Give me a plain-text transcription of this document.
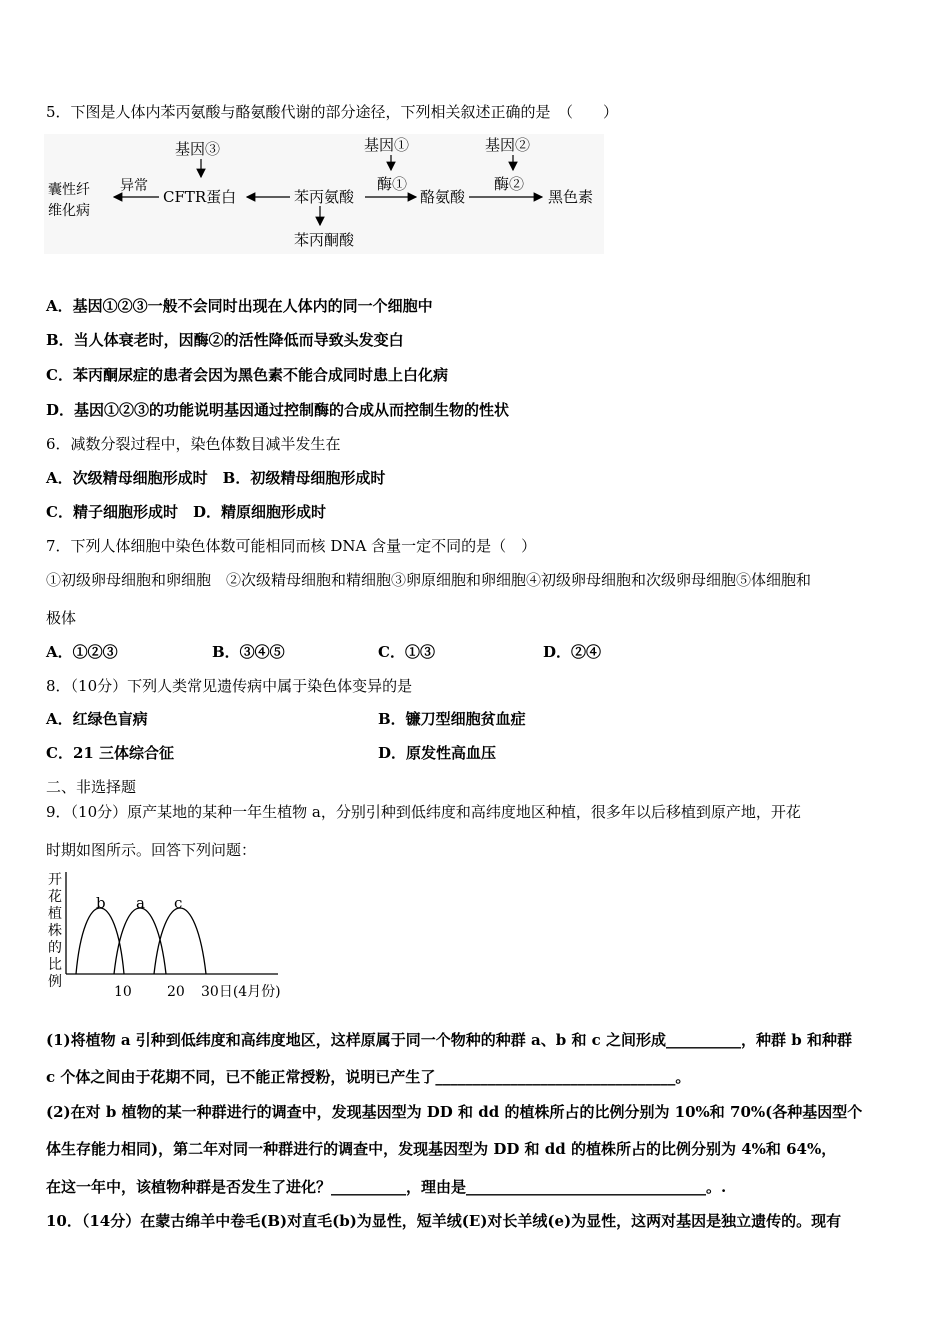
5．下图是人体内苯丙氨酸与酪氨酸代谢的部分途径，下列相关叙述正确的是　（　　）
基因③	基因①	基因②
囊性纤
维化病
异常
CFTR蛋白	苯丙氨酸
酶①
酪氨酸
酶②
黑色素
苯丙酮酸
A．基因①②③一般不会同时出现在人体内的同一个细胞中
B．当人体衰老时，因酶②的活性降低而导致头发变白
C．苯丙酮尿症的患者会因为黑色素不能合成同时患上白化病
D．基因①②③的功能说明基因通过控制酶的合成从而控制生物的性状
6．减数分裂过程中，染色体数目减半发生在
A．次级精母细胞形成时　B．初级精母细胞形成时
C．精子细胞形成时　D．精原细胞形成时
7．下列人体细胞中染色体数可能相同而核 DNA 含量一定不同的是（　）
①初级卵母细胞和卵细胞　②次级精母细胞和精细胞③卵原细胞和卵细胞④初级卵母细胞和次级卵母细胞⑤体细胞和
极体
A．①②③	B．③④⑤	C．①③	D．②④
8．（10分）下列人类常见遗传病中属于染色体变异的是
A．红绿色盲病	B．镰刀型细胞贫血症
C．21 三体综合征	D．原发性高血压
二、非选择题
9．（10分）原产某地的某种一年生植物 a，分别引种到低纬度和高纬度地区种植，很多年以后移植到原产地，开花
时期如图所示。回答下列问题：
开
花
植
株
的
比
例
b a c
10	20 30日(4月份)
(1)将植物 a 引种到低纬度和高纬度地区，这样原属于同一个物种的种群 a、b 和 c 之间形成__________，种群 b 和种群
c 个体之间由于花期不同，已不能正常授粉，说明已产生了________________________________。
(2)在对 b 植物的某一种群进行的调查中，发现基因型为 DD 和 dd 的植株所占的比例分别为 10%和 70%(各种基因型个
体生存能力相同)，第二年对同一种群进行的调查中，发现基因型为 DD 和 dd 的植株所占的比例分别为 4%和 64%，
在这一年中，该植物种群是否发生了进化？__________，理由是________________________________。.
10．（14分）在蒙古绵羊中卷毛(B)对直毛(b)为显性，短羊绒(E)对长羊绒(e)为显性，这两对基因是独立遗传的。现有
